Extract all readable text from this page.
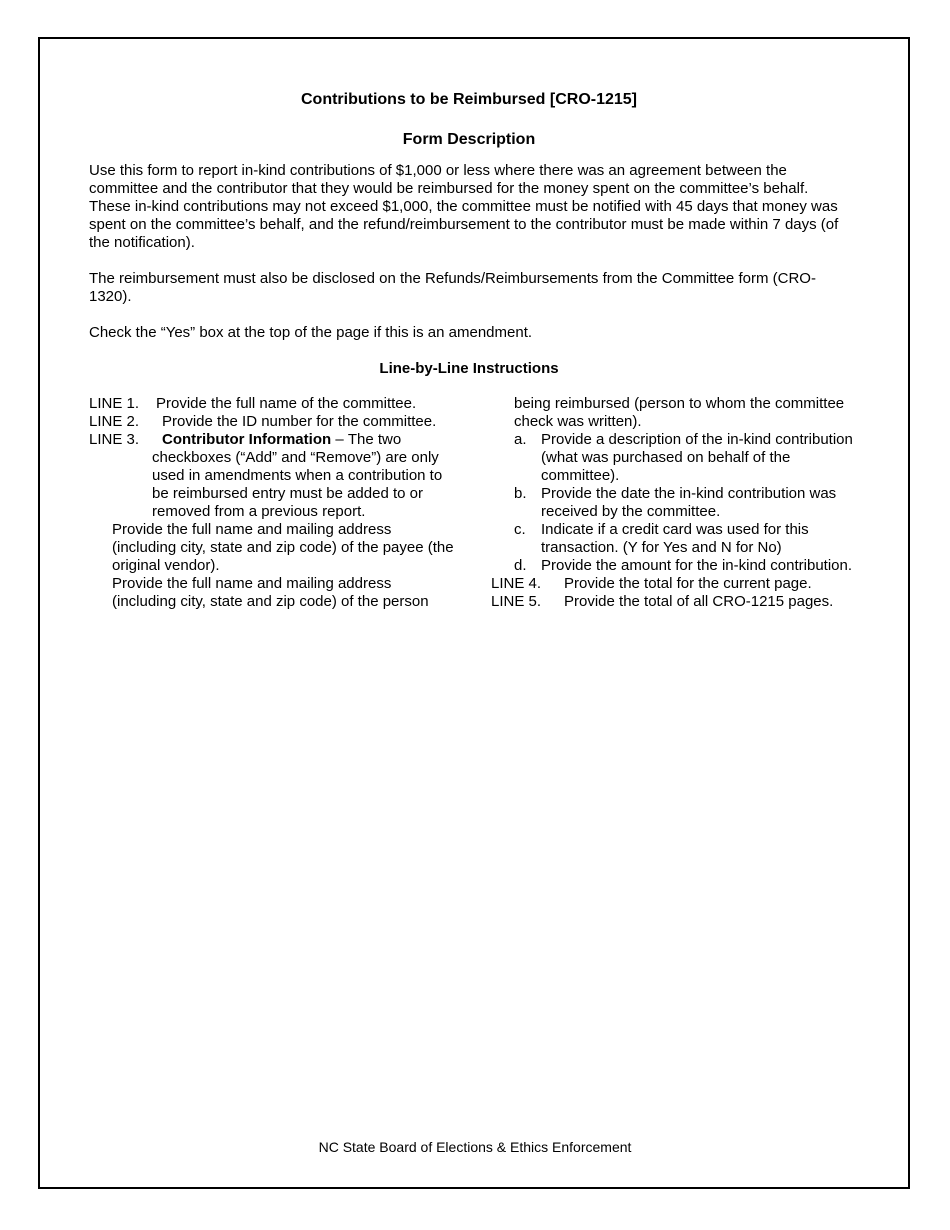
Contributions to be Reimbursed [CRO-1215]
Form Description

Use this form to report in-kind contributions of $1,000 or less where there was an agreement between the committee and the contributor that they would be reimbursed for the money spent on the committee’s behalf. These in-kind contributions may not exceed $1,000, the committee must be notified with 45 days that money was spent on the committee’s behalf, and the refund/reimbursement to the contributor must be made within 7 days (of the notification).

The reimbursement must also be disclosed on the Refunds/Reimbursements from the Committee form (CRO-1320).

Check the “Yes” box at the top of the page if this is an amendment.

Line-by-Line Instructions
LINE 1. Provide the full name of the committee.
LINE 2. Provide the ID number for the committee.
LINE 3. Contributor Information – The two
checkboxes (“Add” and “Remove”) are only used in amendments when a contribution to be reimbursed entry must be added to or removed from a previous report.
Provide the full name and mailing address (including city, state and zip code) of the payee (the original vendor).
Provide the full name and mailing address (including city, state and zip code) of the person
being reimbursed (person to whom the committee check was written).
a. Provide a description of the in-kind contribution (what was purchased on behalf of the committee).
b. Provide the date the in-kind contribution was received by the committee.
c.	Indicate if a credit card was used for this transaction. (Y for Yes and N for No)
d. Provide the amount for the in-kind contribution.
LINE 4. Provide the total for the current page.
LINE 5. Provide the total of all CRO-1215 pages.
NC State Board of Elections & Ethics Enforcement
